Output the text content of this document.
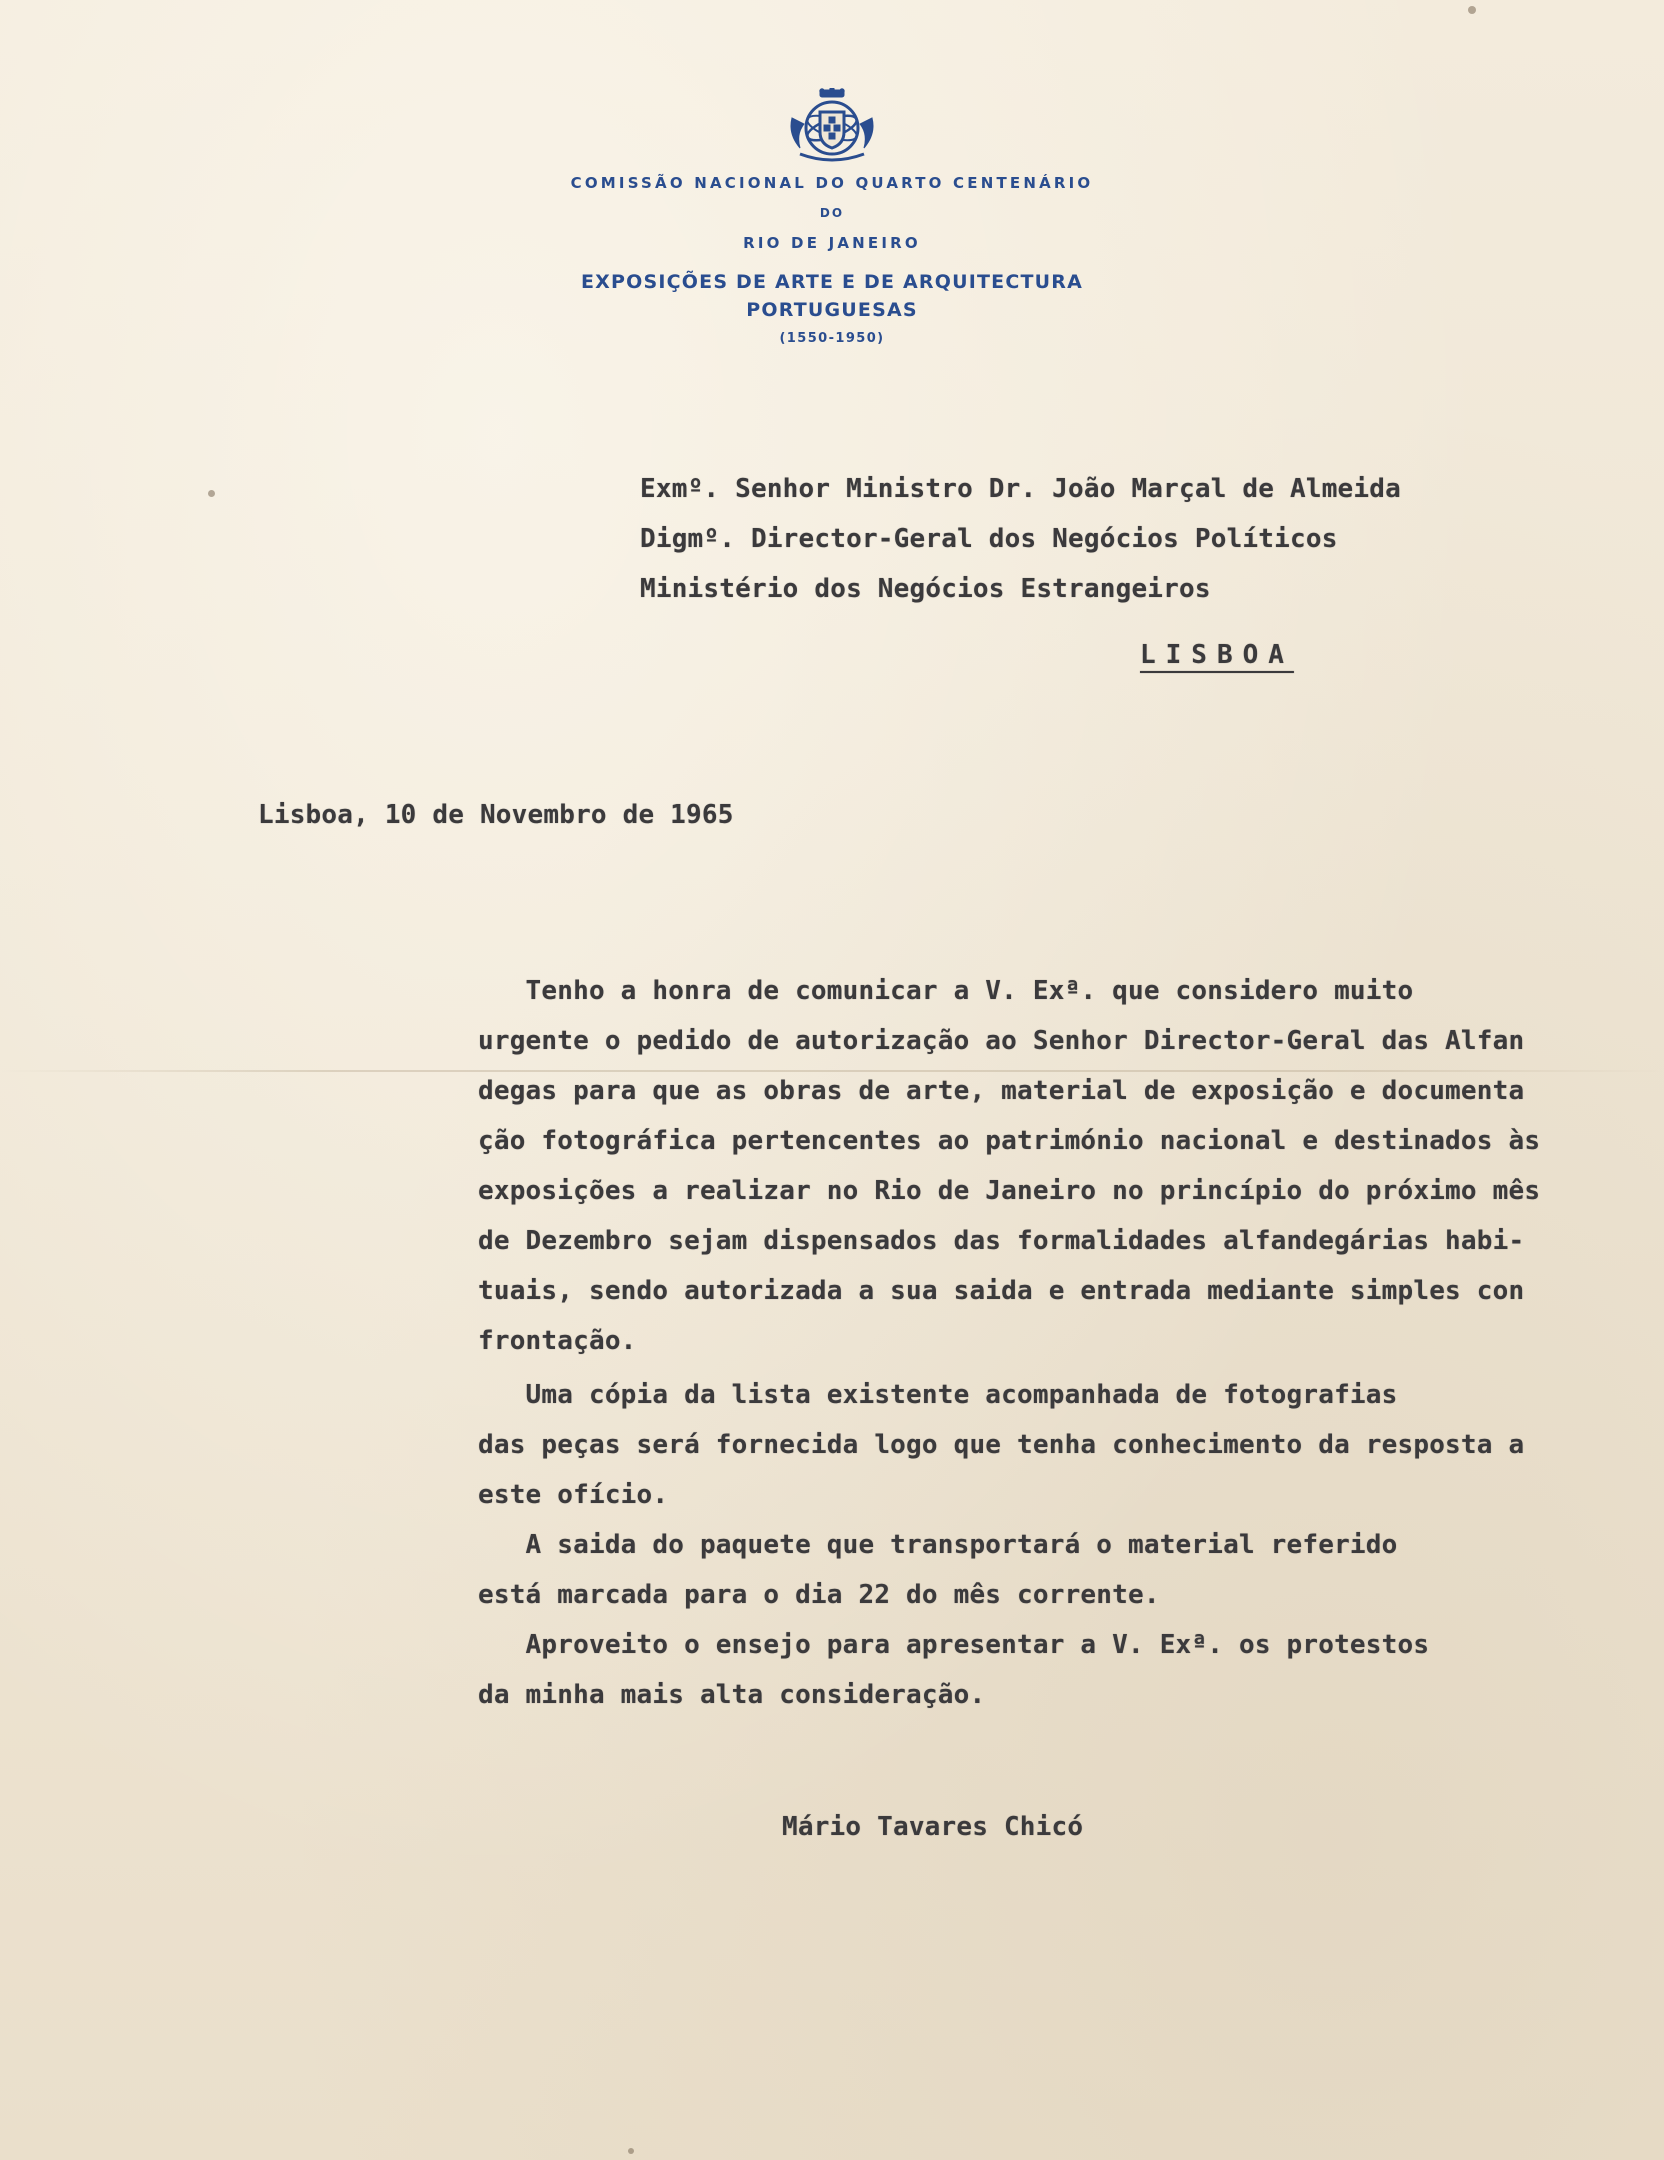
COMISSÃO NACIONAL DO QUARTO CENTENÁRIO
DO
RIO DE JANEIRO
EXPOSIÇÕES DE ARTE E DE ARQUITECTURA
PORTUGUESAS
(1550-1950)
Exmº. Senhor Ministro Dr. João Marçal de Almeida
Digmº. Director-Geral dos Negócios Políticos
Ministério dos Negócios Estrangeiros
LISBOA
Lisboa, 10 de Novembro de 1965
Tenho a honra de comunicar a V. Exª. que considero muito
urgente o pedido de autorização ao Senhor Director-Geral das Alfan
degas para que as obras de arte, material de exposição e documenta
ção fotográfica pertencentes ao património nacional e destinados às
exposições a realizar no Rio de Janeiro no princípio do próximo mês
de Dezembro sejam dispensados das formalidades alfandegárias habi-
tuais, sendo autorizada a sua saida e entrada mediante simples con
frontação.
Uma cópia da lista existente acompanhada de fotografias
das peças será fornecida logo que tenha conhecimento da resposta a
este ofício.
A saida do paquete que transportará o material referido
está marcada para o dia 22 do mês corrente.
Aproveito o ensejo para apresentar a V. Exª. os protestos
da minha mais alta consideração.
Mário Tavares Chicó
